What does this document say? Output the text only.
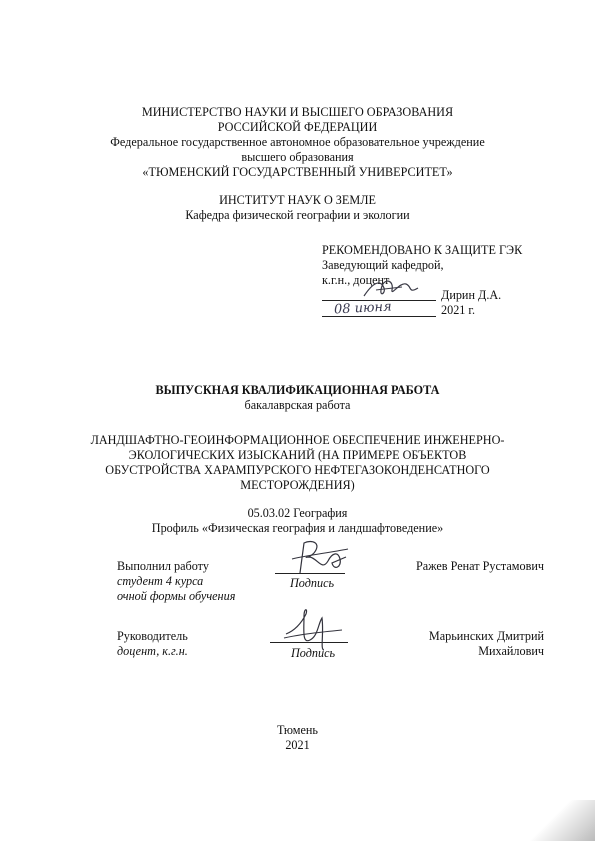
МИНИСТЕРСТВО НАУКИ И ВЫСШЕГО ОБРАЗОВАНИЯ
РОССИЙСКОЙ ФЕДЕРАЦИИ
Федеральное государственное автономное образовательное учреждение
высшего образования
«ТЮМЕНСКИЙ ГОСУДАРСТВЕННЫЙ УНИВЕРСИТЕТ»
ИНСТИТУТ НАУК О ЗЕМЛЕ
Кафедра физической географии и экологии
РЕКОМЕНДОВАНО К ЗАЩИТЕ ГЭК
Заведующий кафедрой,
к.г.н., доцент
Дирин Д.А.
08 июня	2021 г.
ВЫПУСКНАЯ КВАЛИФИКАЦИОННАЯ РАБОТА
бакалаврская работа
ЛАНДШАФТНО-ГЕОИНФОРМАЦИОННОЕ ОБЕСПЕЧЕНИЕ ИНЖЕНЕРНО-
ЭКОЛОГИЧЕСКИХ ИЗЫСКАНИЙ (НА ПРИМЕРЕ ОБЪЕКТОВ
ОБУСТРОЙСТВА ХАРАМПУРСКОГО НЕФТЕГАЗОКОНДЕНСАТНОГО
МЕСТОРОЖДЕНИЯ)
05.03.02 География
Профиль «Физическая география и ландшафтоведение»
Выполнил работу
студент 4 курса
очной формы обучения
Подпись
Ражев Ренат Рустамович
Руководитель
доцент, к.г.н.	Подпись
Марьинских Дмитрий
Михайлович
Тюмень
2021
